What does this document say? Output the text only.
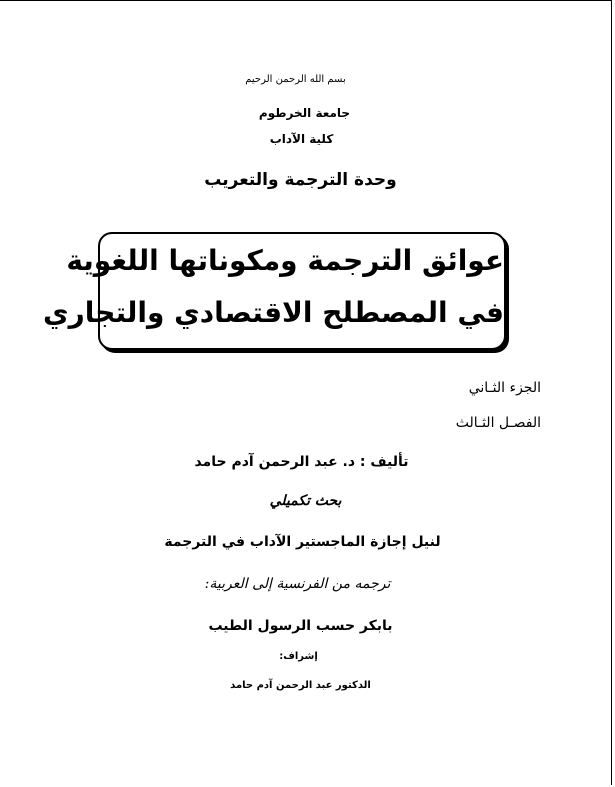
بسم الله الرحمن الرحيم
جامعة الخرطوم
كلية الآداب
وحدة الترجمة والتعريب
عوائق الترجمة ومكوناتها اللغوية
في المصطلح الاقتصادي والتجاري
الجزء الثـاني
الفصـل الثـالث
تأليف : د. عبد الرحمن آدم حامد
بحث تكميلي
لنيل إجازة الماجستير الآداب في الترجمة
ترجمه من الفرنسية إلى العربية:
بابكر حسب الرسول الطيب
إشراف:
الدكتور عبد الرحمن آدم حامد
